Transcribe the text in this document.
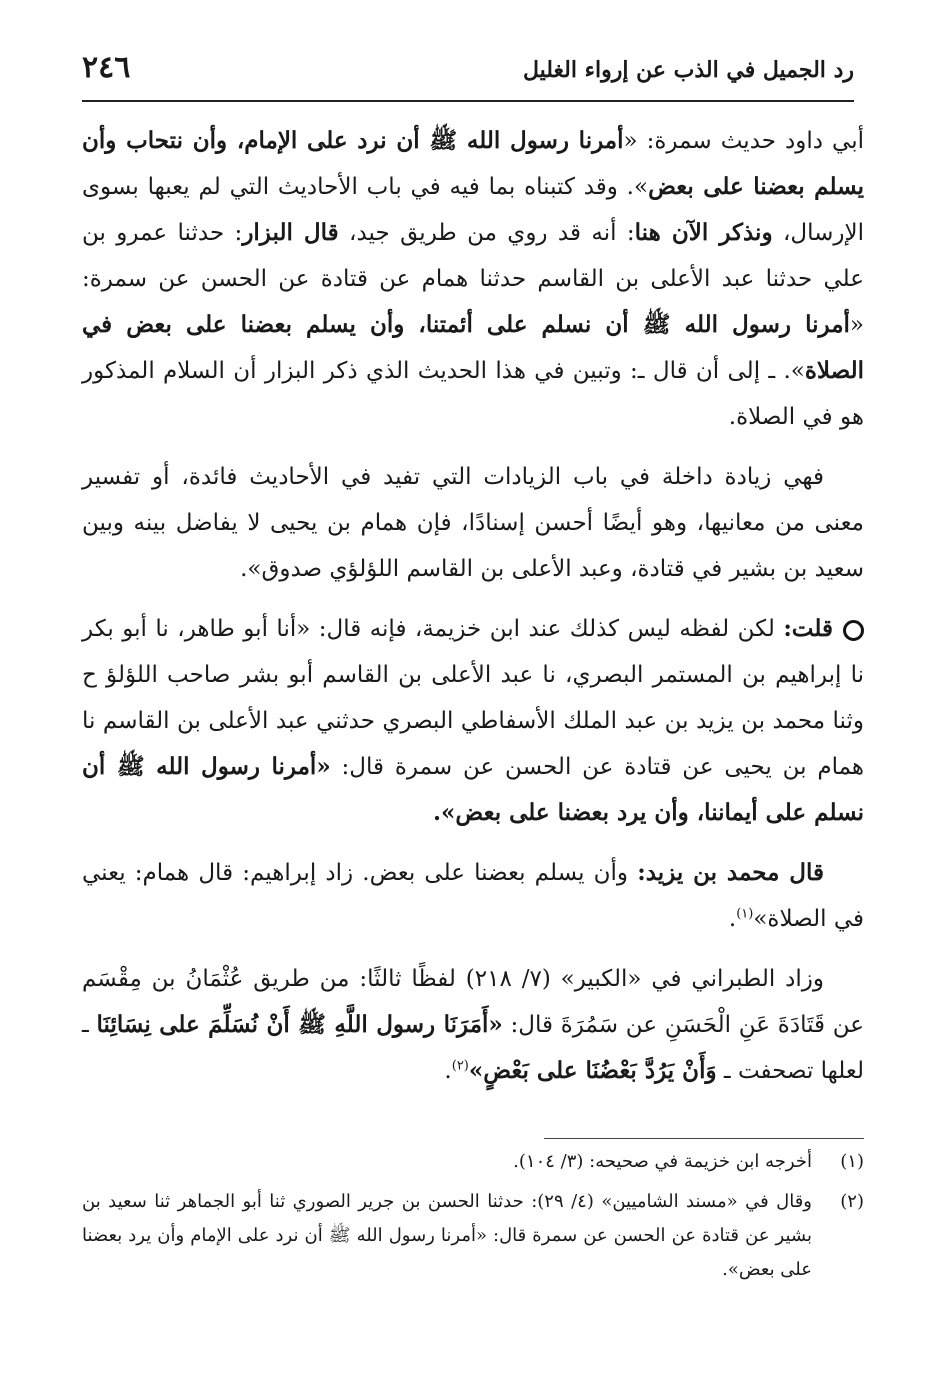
٢٤٦	رد الجميل في الذب عن إرواء الغليل

أبي داود حديث سمرة: «أمرنا رسول الله ﷺ أن نرد على الإمام، وأن نتحاب وأن يسلم بعضنا على بعض». وقد كتبناه بما فيه في باب الأحاديث التي لم يعبها بسوى الإرسال، ونذكر الآن هنا: أنه قد روي من طريق جيد، قال البزار: حدثنا عمرو بن علي حدثنا عبد الأعلى بن القاسم حدثنا همام عن قتادة عن الحسن عن سمرة: «أمرنا رسول الله ﷺ أن نسلم على أئمتنا، وأن يسلم بعضنا على بعض في الصلاة». ـ إلى أن قال ـ: وتبين في هذا الحديث الذي ذكر البزار أن السلام المذكور هو في الصلاة.

فهي زيادة داخلة في باب الزيادات التي تفيد في الأحاديث فائدة، أو تفسير معنى من معانيها، وهو أيضًا أحسن إسنادًا، فإن همام بن يحيى لا يفاضل بينه وبين سعيد بن بشير في قتادة، وعبد الأعلى بن القاسم اللؤلؤي صدوق».

قلت: لكن لفظه ليس كذلك عند ابن خزيمة، فإنه قال: «أنا أبو طاهر، نا أبو بكر نا إبراهيم بن المستمر البصري، نا عبد الأعلى بن القاسم أبو بشر صاحب اللؤلؤ ح وثنا محمد بن يزيد بن عبد الملك الأسفاطي البصري حدثني عبد الأعلى بن القاسم نا همام بن يحيى عن قتادة عن الحسن عن سمرة قال: «أمرنا رسول الله ﷺ أن نسلم على أيماننا، وأن يرد بعضنا على بعض».

قال محمد بن يزيد: وأن يسلم بعضنا على بعض. زاد إبراهيم: قال همام: يعني في الصلاة»$^{(١)}$.

وزاد الطبراني في «الكبير» (٧/ ٢١٨) لفظًا ثالثًا: من طريق عُثْمَانُ بن مِقْسَم عن قَتَادَةَ عَنِ الْحَسَنِ عن سَمُرَةَ قال: «أَمَرَنَا رسول اللَّهِ ﷺ أَنْ نُسَلِّمَ على نِسَائِنَا ـ لعلها تصحفت ـ وَأَنْ يَرُدَّ بَعْضُنَا على بَعْضٍ»$^{(٢)}$.

(١)
أخرجه ابن خزيمة في صحيحه: (٣/ ١٠٤).
(٢)
وقال في «مسند الشاميين» (٤/ ٢٩): حدثنا الحسن بن جرير الصوري ثنا أبو الجماهر ثنا سعيد بن بشير عن قتادة عن الحسن عن سمرة قال: «أمرنا رسول الله ﷺ أن نرد على الإمام وأن يرد بعضنا على بعض».
